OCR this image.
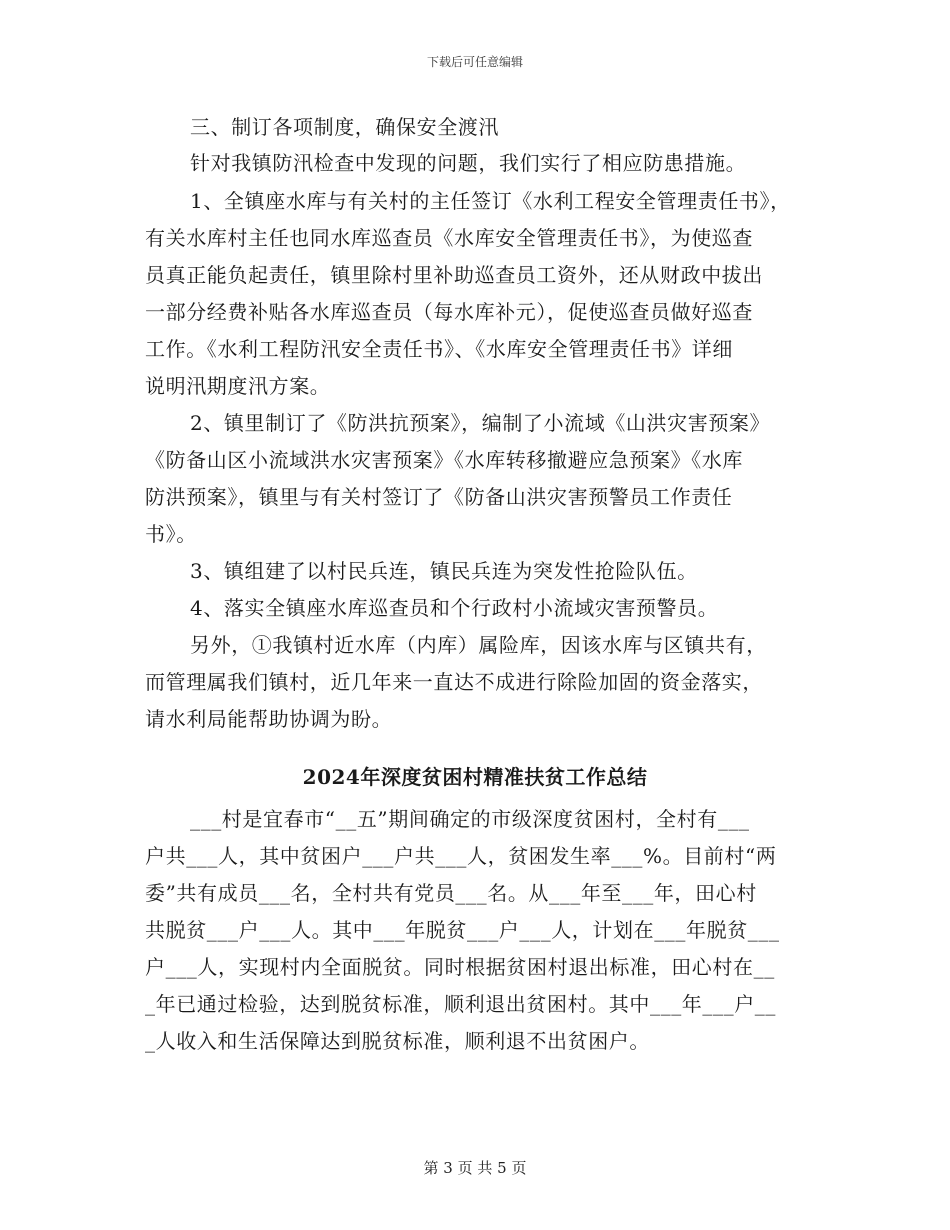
下载后可任意编辑
三、制订各项制度，确保安全渡汛
针对我镇防汛检查中发现的问题，我们实行了相应防患措施。
1、全镇座水库与有关村的主任签订《水利工程安全管理责任书》，
有关水库村主任也同水库巡查员《水库安全管理责任书》，为使巡查
员真正能负起责任，镇里除村里补助巡查员工资外，还从财政中拔出
一部分经费补贴各水库巡查员（每水库补元），促使巡查员做好巡查
工作。《水利工程防汛安全责任书》、《水库安全管理责任书》详细
说明汛期度汛方案。
2、镇里制订了《防洪抗预案》，编制了小流域《山洪灾害预案》
《防备山区小流域洪水灾害预案》《水库转移撤避应急预案》《水库
防洪预案》，镇里与有关村签订了《防备山洪灾害预警员工作责任
书》。
3、镇组建了以村民兵连，镇民兵连为突发性抢险队伍。
4、落实全镇座水库巡查员和个行政村小流域灾害预警员。
另外，①我镇村近水库（内库）属险库，因该水库与区镇共有，
而管理属我们镇村，近几年来一直达不成进行除险加固的资金落实，
请水利局能帮助协调为盼。
2024年深度贫困村精准扶贫工作总结
___村是宜春市“__五”期间确定的市级深度贫困村，全村有___
户共___人，其中贫困户___户共___人，贫困发生率___%。目前村“两
委”共有成员___名，全村共有党员___名。从___年至___年，田心村
共脱贫___户___人。其中___年脱贫___户___人，计划在___年脱贫___
户___人，实现村内全面脱贫。同时根据贫困村退出标准，田心村在__
_年已通过检验，达到脱贫标准，顺利退出贫困村。其中___年___户__
_人收入和生活保障达到脱贫标准，顺利退不出贫困户。
第 3 页 共 5 页
